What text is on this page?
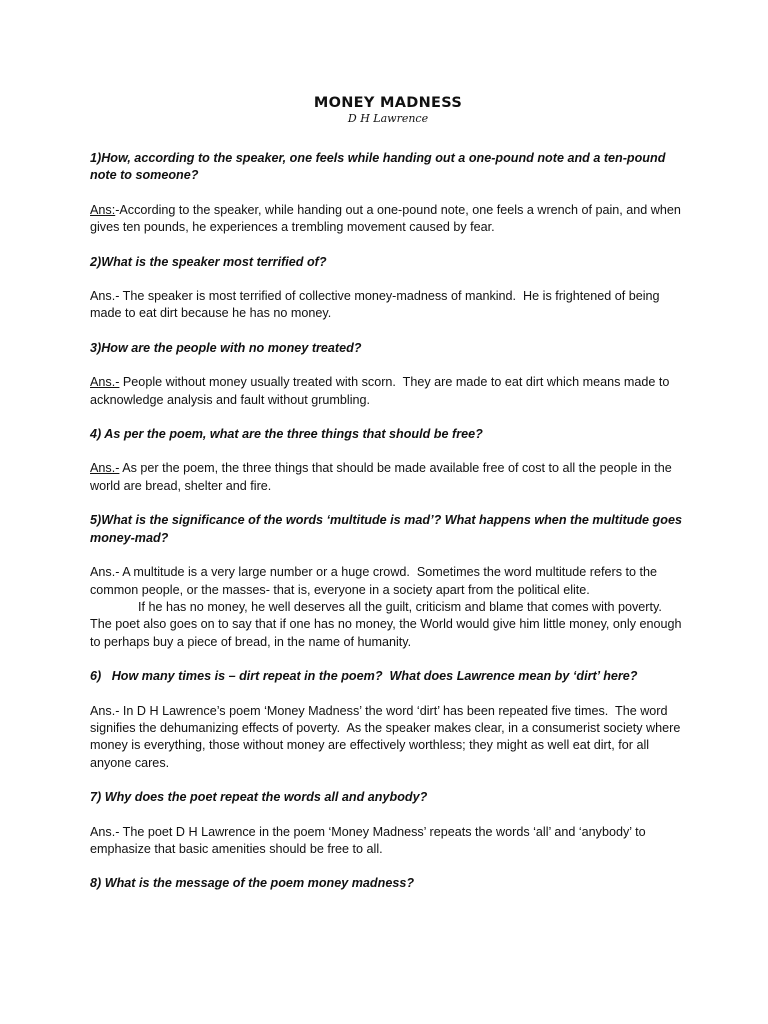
MONEY MADNESS

D H Lawrence

1)How, according to the speaker, one feels while handing out a one-pound note and a ten-pound note to someone?

Ans:-According to the speaker, while handing out a one-pound note, one feels a wrench of pain, and when gives ten pounds, he experiences a trembling movement caused by fear.

2)What is the speaker most terrified of?

Ans.- The speaker is most terrified of collective money-madness of mankind.  He is frightened of being made to eat dirt because he has no money.

3)How are the people with no money treated?

Ans.- People without money usually treated with scorn.  They are made to eat dirt which means made to acknowledge analysis and fault without grumbling.

4) As per the poem, what are the three things that should be free?

Ans.- As per the poem, the three things that should be made available free of cost to all the people in the world are bread, shelter and fire.

5)What is the significance of the words ‘multitude is mad’? What happens when the multitude goes money-mad?

Ans.- A multitude is a very large number or a huge crowd.  Sometimes the word multitude refers to the common people, or the masses- that is, everyone in a society apart from the political elite.
If he has no money, he well deserves all the guilt, criticism and blame that comes with poverty. The poet also goes on to say that if one has no money, the World would give him little money, only enough to perhaps buy a piece of bread, in the name of humanity.

6)   How many times is – dirt repeat in the poem?  What does Lawrence mean by ‘dirt’ here?

Ans.- In D H Lawrence’s poem ‘Money Madness’ the word ‘dirt’ has been repeated five times.  The word signifies the dehumanizing effects of poverty.  As the speaker makes clear, in a consumerist society where money is everything, those without money are effectively worthless; they might as well eat dirt, for all anyone cares.

7) Why does the poet repeat the words all and anybody?

Ans.- The poet D H Lawrence in the poem ‘Money Madness’ repeats the words ‘all’ and ‘anybody’ to emphasize that basic amenities should be free to all.

8) What is the message of the poem money madness?
